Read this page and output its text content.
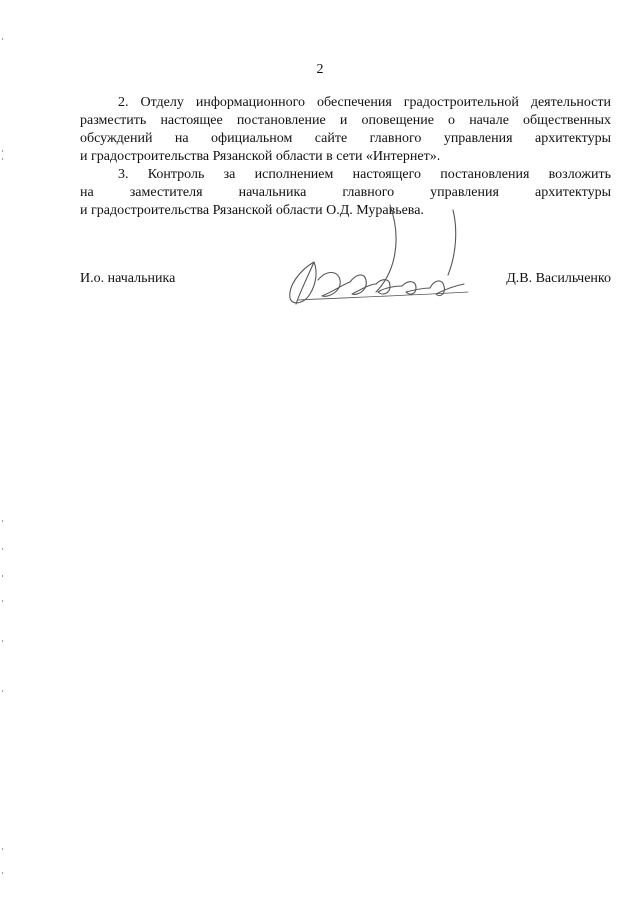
2
2. Отделу информационного обеспечения градостроительной деятельности
разместить настоящее постановление и оповещение о начале общественных
обсуждений на официальном сайте главного управления архитектуры
и градостроительства Рязанской области в сети «Интернет».
3. Контроль за исполнением настоящего постановления возложить
на заместителя начальника главного управления архитектуры
и градостроительства Рязанской области О.Д. Муравьева.
И.о. начальника	Д.В. Васильченко
